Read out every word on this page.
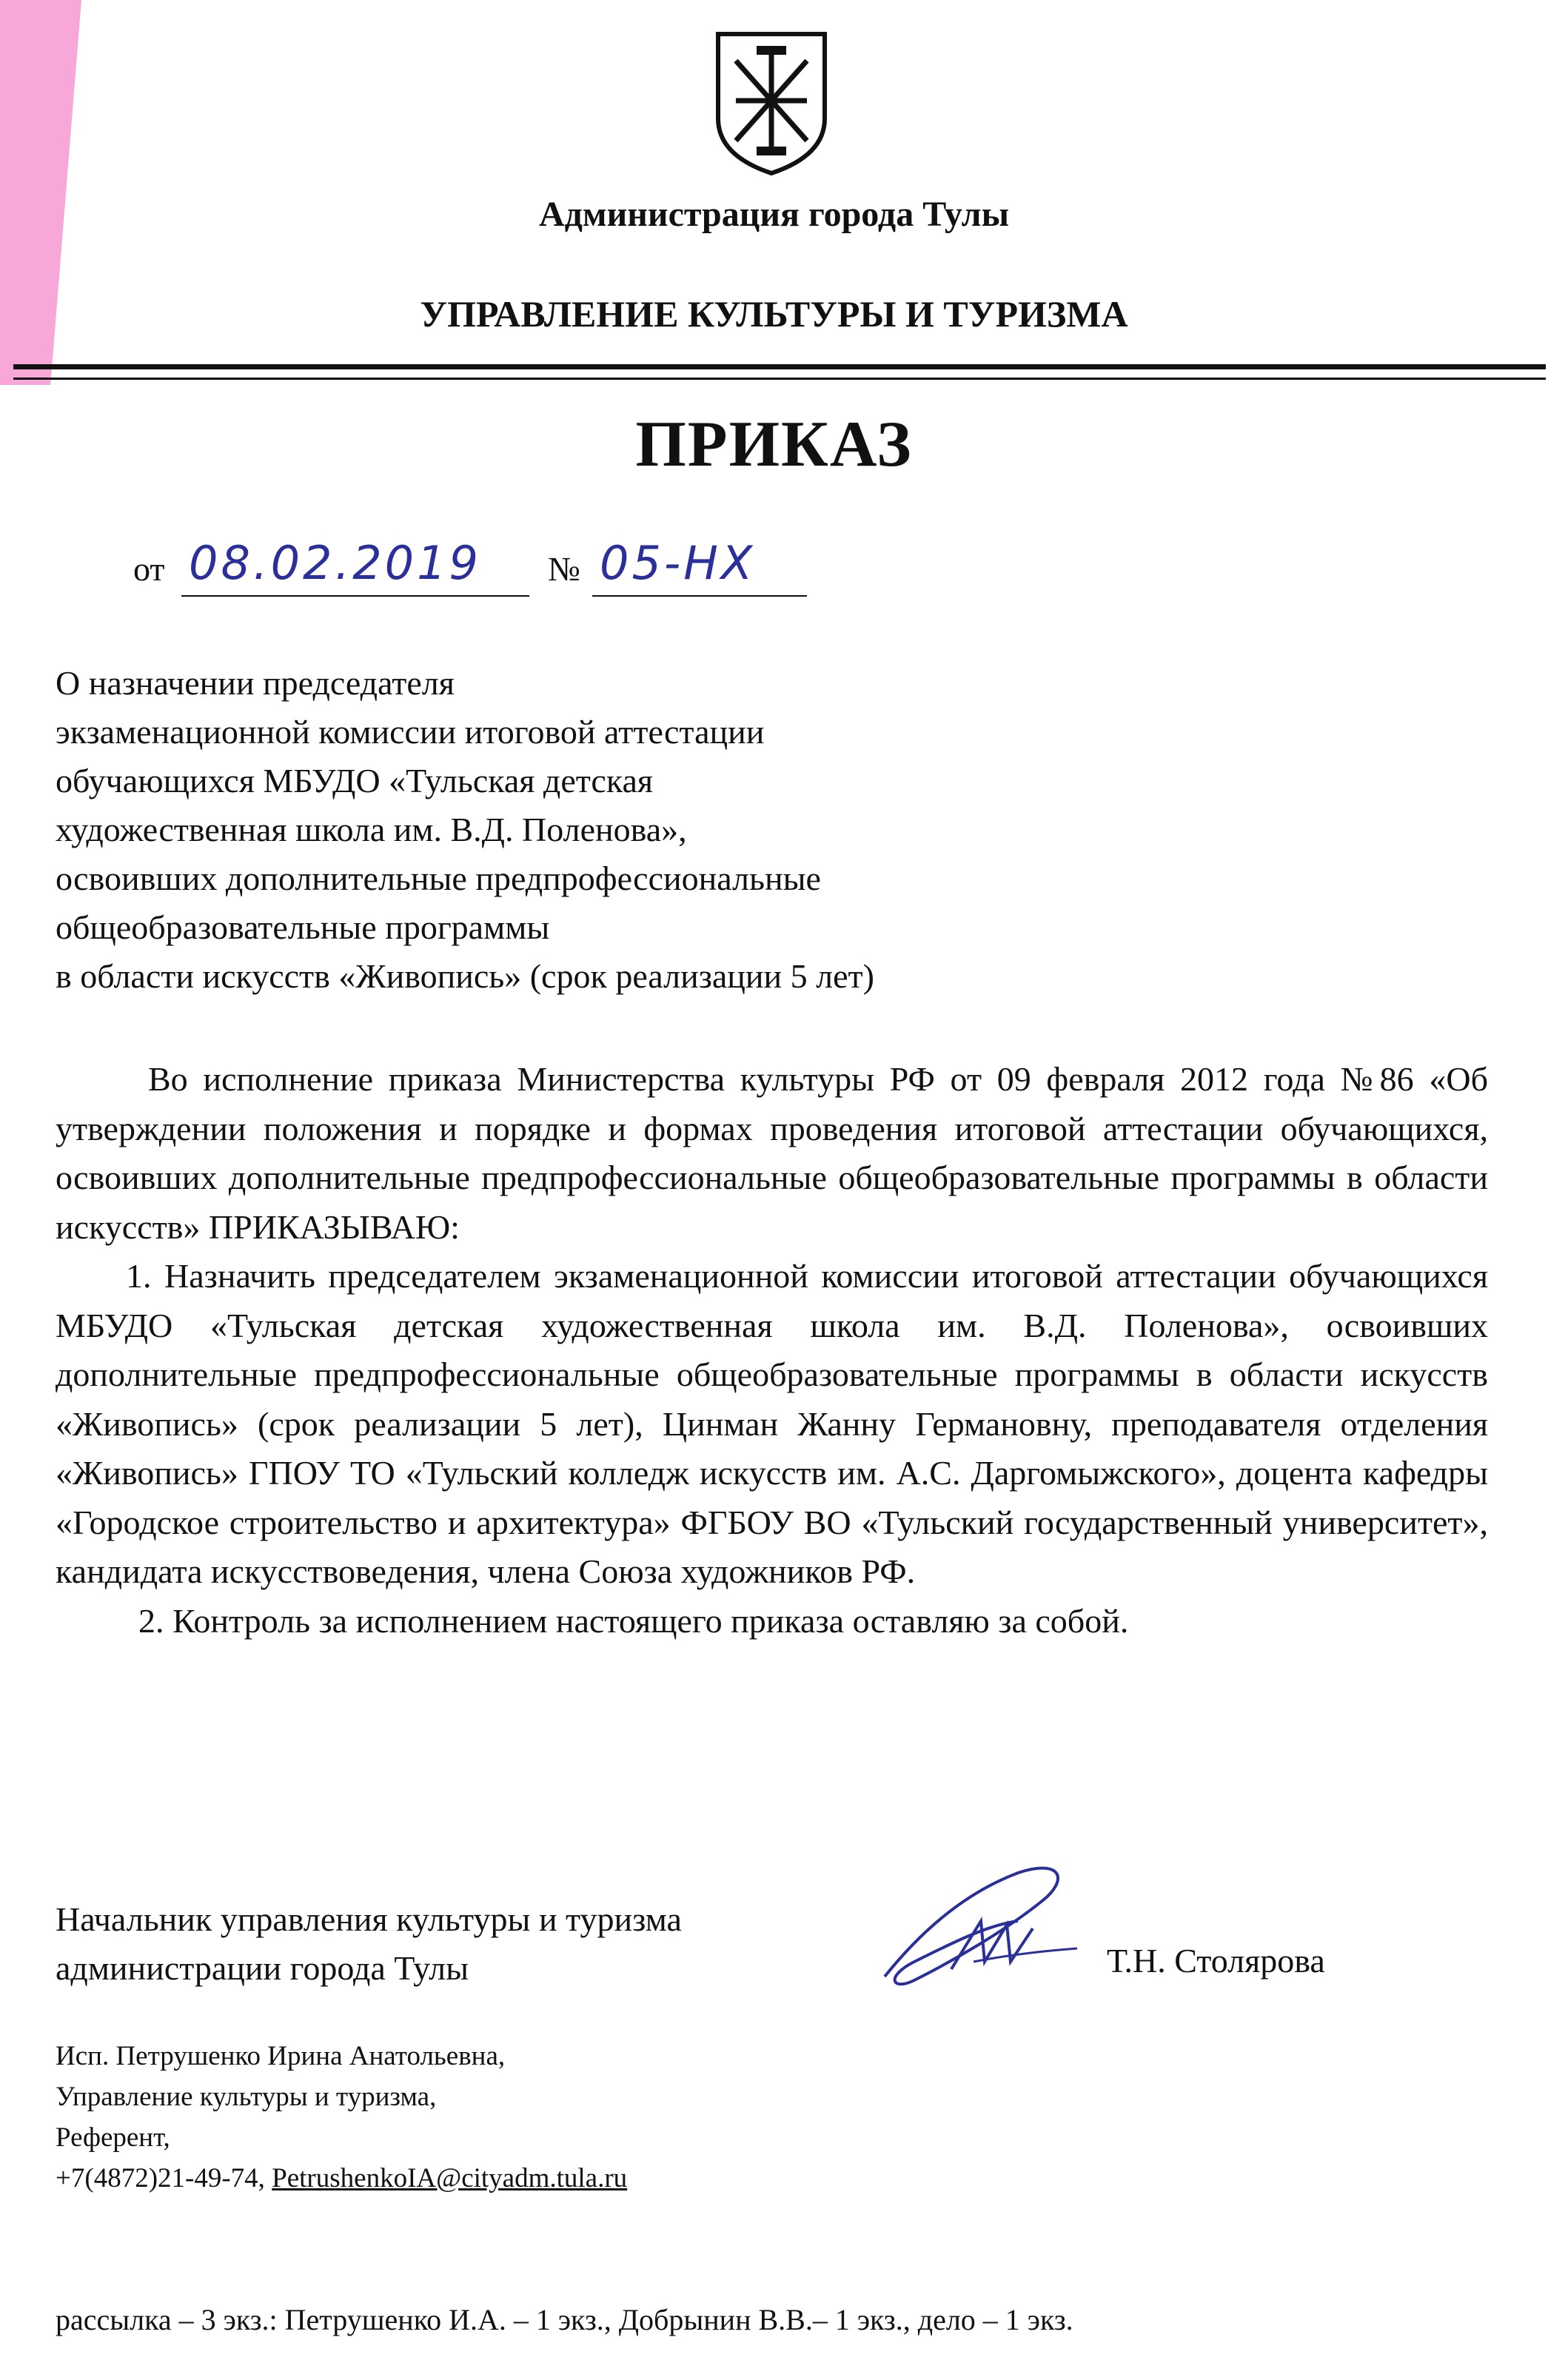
Администрация города Тулы
УПРАВЛЕНИЕ КУЛЬТУРЫ И ТУРИЗМА
ПРИКАЗ
от 08.02.2019 № 05-НХ
О назначении председателя
экзаменационной комиссии итоговой аттестации
обучающихся МБУДО «Тульская детская
художественная школа им. В.Д. Поленова»,
освоивших дополнительные предпрофессиональные
общеобразовательные программы
в области искусств «Живопись» (срок реализации 5 лет)

Во исполнение приказа Министерства культуры РФ от 09 февраля 2012 года №86 «Об утверждении положения и порядке и формах проведения итоговой аттестации обучающихся, освоивших дополнительные предпрофессиональные общеобразовательные программы в области искусств» ПРИКАЗЫВАЮ:

1. Назначить председателем экзаменационной комиссии итоговой аттестации обучающихся МБУДО «Тульская детская художественная школа им. В.Д. Поленова», освоивших дополнительные предпрофессиональные общеобразовательные программы в области искусств «Живопись» (срок реализации 5 лет), Цинман Жанну Германовну, преподавателя отделения «Живопись» ГПОУ ТО «Тульский колледж искусств им. А.С. Даргомыжского», доцента кафедры «Городское строительство и архитектура» ФГБОУ ВО «Тульский государственный университет», кандидата искусствоведения, члена Союза художников РФ.

2. Контроль за исполнением настоящего приказа оставляю за собой.

Начальник управления культуры и туризма
администрации города Тулы	Т.Н. Столярова
Исп. Петрушенко Ирина Анатольевна,
Управление культуры и туризма,
Референт,
+7(4872)21-49-74, PetrushenkoIA@cityadm.tula.ru
рассылка – 3 экз.: Петрушенко И.А. – 1 экз., Добрынин В.В.– 1 экз., дело – 1 экз.
